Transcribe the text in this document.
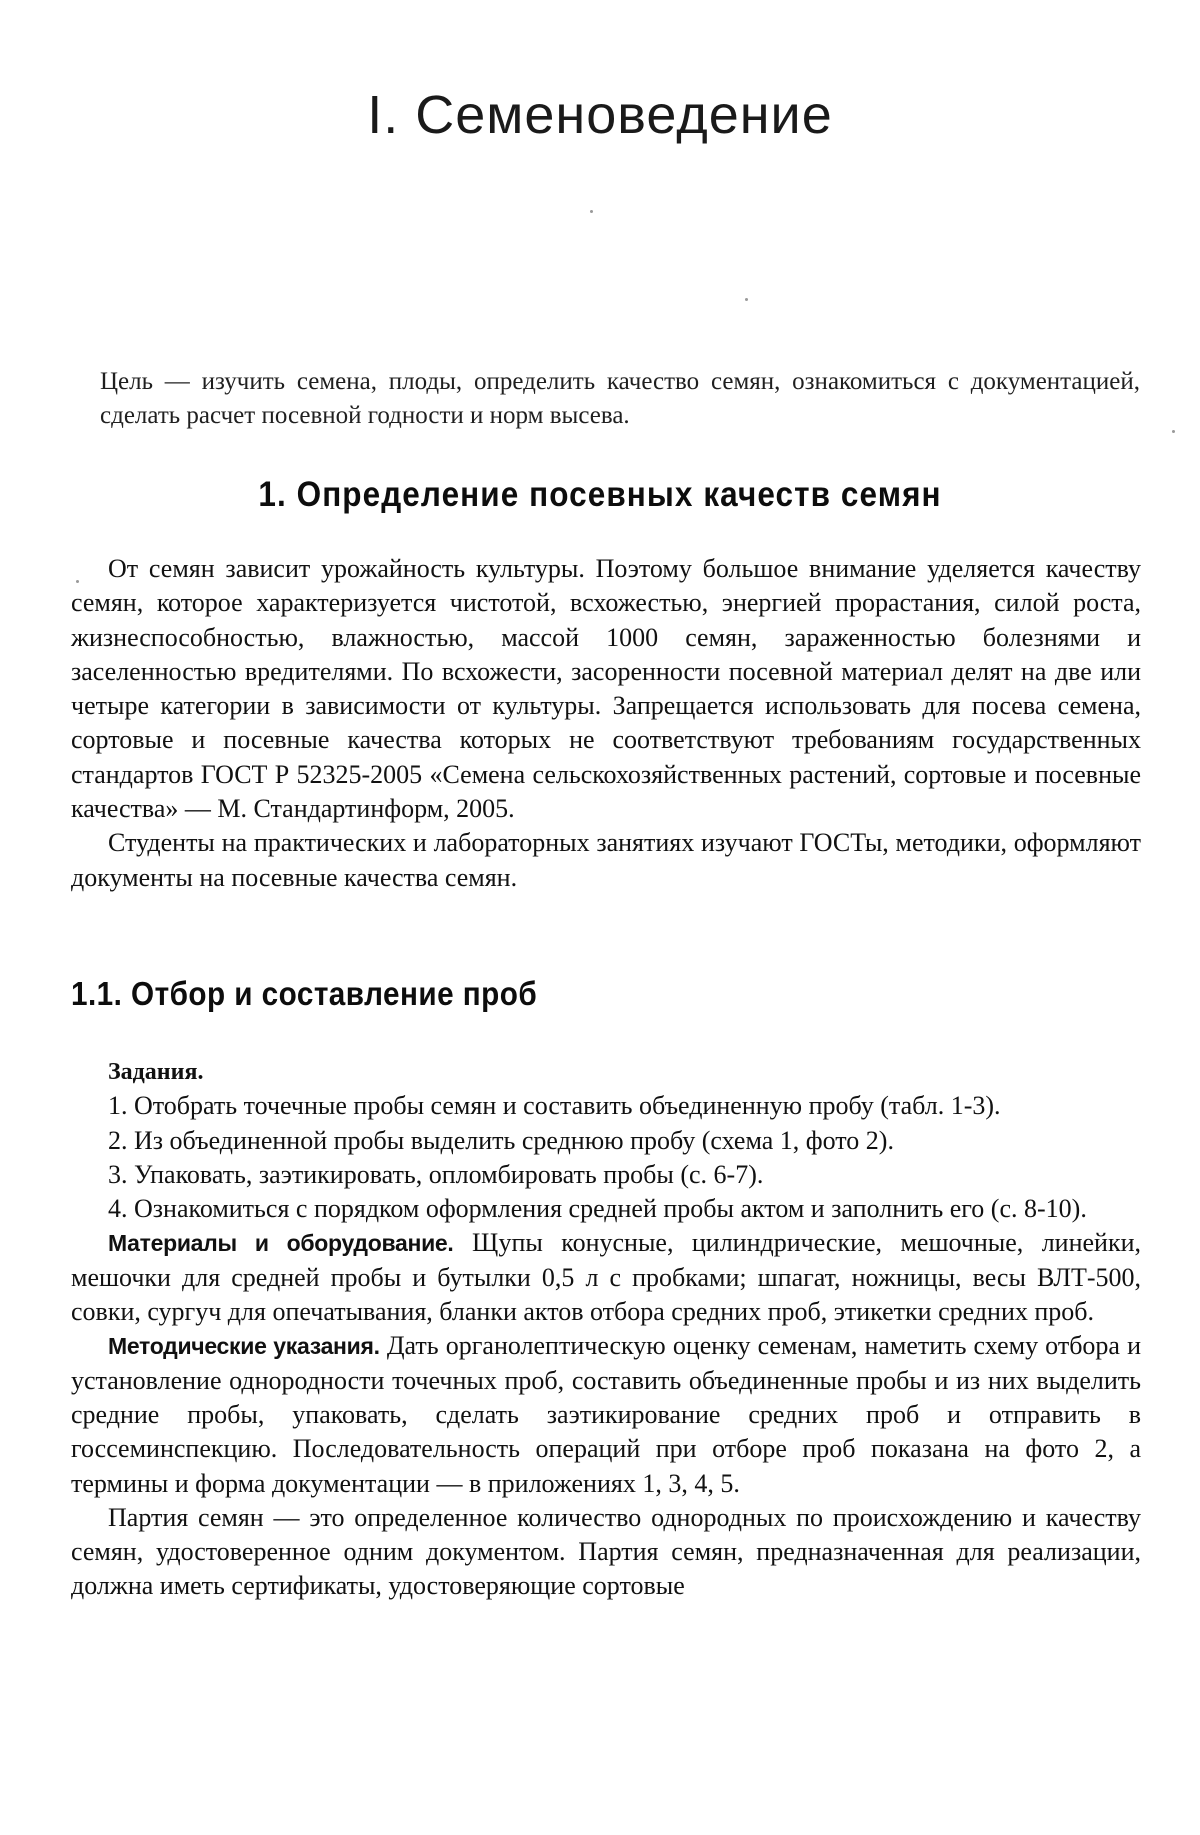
I. Семеноведение
Цель — изучить семена, плоды, определить качество семян, ознакомиться с документацией, сделать расчет посевной годности и норм высева.
1. Определение посевных качеств семян

От семян зависит урожайность культуры. Поэтому большое внимание уделяется качеству семян, которое характеризуется чистотой, всхожестью, энергией прорастания, силой роста, жизнеспособностью, влажностью, массой 1000 семян, зараженностью болезнями и заселенностью вредителями. По всхожести, засоренности посевной материал делят на две или четыре категории в зависимости от культуры. Запрещается использовать для посева семена, сортовые и посевные качества которых не соответствуют требованиям государственных стандартов ГОСТ Р 52325-2005 «Семена сельскохозяйственных растений, сортовые и посевные качества» — М. Стандартинформ, 2005.

Студенты на практических и лабораторных занятиях изучают ГОСТы, методики, оформляют документы на посевные качества семян.

1.1. Отбор и составление проб

Задания.

1. Отобрать точечные пробы семян и составить объединенную пробу (табл. 1-3).

2. Из объединенной пробы выделить среднюю пробу (схема 1, фото 2).

3. Упаковать, заэтикировать, опломбировать пробы (с. 6-7).

4. Ознакомиться с порядком оформления средней пробы актом и заполнить его (с. 8-10).

Материалы и оборудование. Щупы конусные, цилиндрические, мешочные, линейки, мешочки для средней пробы и бутылки 0,5 л с пробками; шпагат, ножницы, весы ВЛТ-500, совки, сургуч для опечатывания, бланки актов отбора средних проб, этикетки средних проб.

Методические указания. Дать органолептическую оценку семенам, наметить схему отбора и установление однородности точечных проб, составить объединенные пробы и из них выделить средние пробы, упаковать, сделать заэтикирование средних проб и отправить в госсеминспекцию. Последовательность операций при отборе проб показана на фото 2, а термины и форма документации — в приложениях 1, 3, 4, 5.

Партия семян — это определенное количество однородных по происхождению и качеству семян, удостоверенное одним документом. Партия семян, предназначенная для реализации, должна иметь сертификаты, удостоверяющие сортовые
